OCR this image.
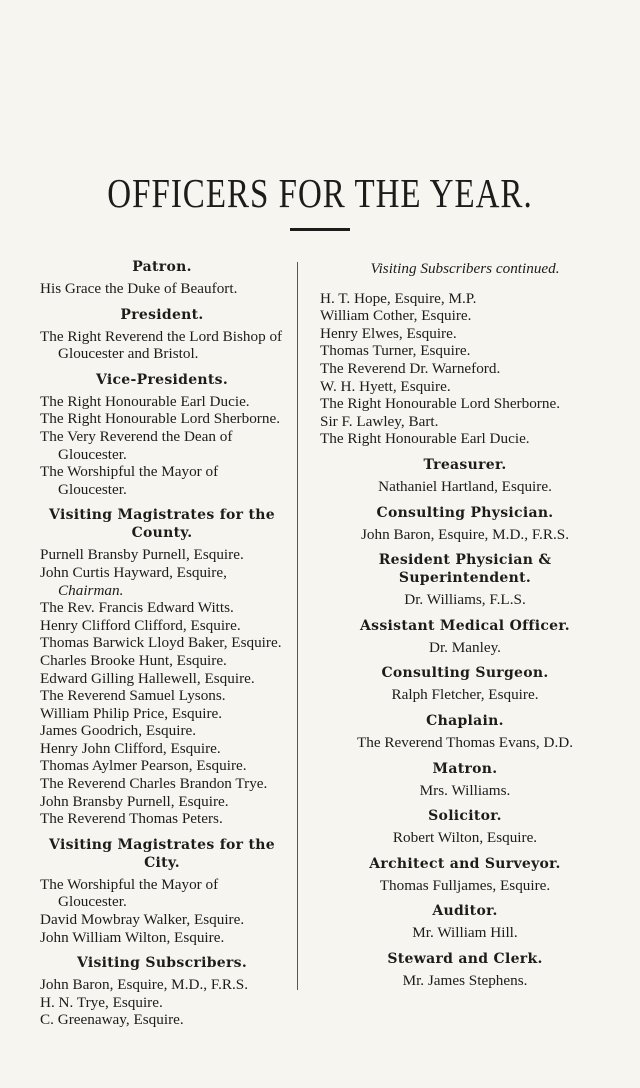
OFFICERS FOR THE YEAR.
Patron.

His Grace the Duke of Beaufort.

President.

The Right Reverend the Lord Bishop of Gloucester and Bristol.

Vice-Presidents.

The Right Honourable Earl Ducie.

The Right Honourable Lord Sherborne.

The Very Reverend the Dean of Gloucester.

The Worshipful the Mayor of Gloucester.

Visiting Magistrates for the County.

Purnell Bransby Purnell, Esquire.

John Curtis Hayward, Esquire, Chairman.

The Rev. Francis Edward Witts.

Henry Clifford Clifford, Esquire.

Thomas Barwick Lloyd Baker, Esquire.

Charles Brooke Hunt, Esquire.

Edward Gilling Hallewell, Esquire.

The Reverend Samuel Lysons.

William Philip Price, Esquire.

James Goodrich, Esquire.

Henry John Clifford, Esquire.

Thomas Aylmer Pearson, Esquire.

The Reverend Charles Brandon Trye.

John Bransby Purnell, Esquire.

The Reverend Thomas Peters.

Visiting Magistrates for the City.

The Worshipful the Mayor of Gloucester.

David Mowbray Walker, Esquire.

John William Wilton, Esquire.

Visiting Subscribers.

John Baron, Esquire, M.D., F.R.S.

H. N. Trye, Esquire.

C. Greenaway, Esquire.

Visiting Subscribers continued.

H. T. Hope, Esquire, M.P.

William Cother, Esquire.

Henry Elwes, Esquire.

Thomas Turner, Esquire.

The Reverend Dr. Warneford.

W. H. Hyett, Esquire.

The Right Honourable Lord Sherborne.

Sir F. Lawley, Bart.

The Right Honourable Earl Ducie.

Treasurer.

Nathaniel Hartland, Esquire.

Consulting Physician.

John Baron, Esquire, M.D., F.R.S.

Resident Physician & Superintendent.

Dr. Williams, F.L.S.

Assistant Medical Officer.

Dr. Manley.

Consulting Surgeon.

Ralph Fletcher, Esquire.

Chaplain.

The Reverend Thomas Evans, D.D.

Matron.

Mrs. Williams.

Solicitor.

Robert Wilton, Esquire.

Architect and Surveyor.

Thomas Fulljames, Esquire.

Auditor.

Mr. William Hill.

Steward and Clerk.

Mr. James Stephens.
